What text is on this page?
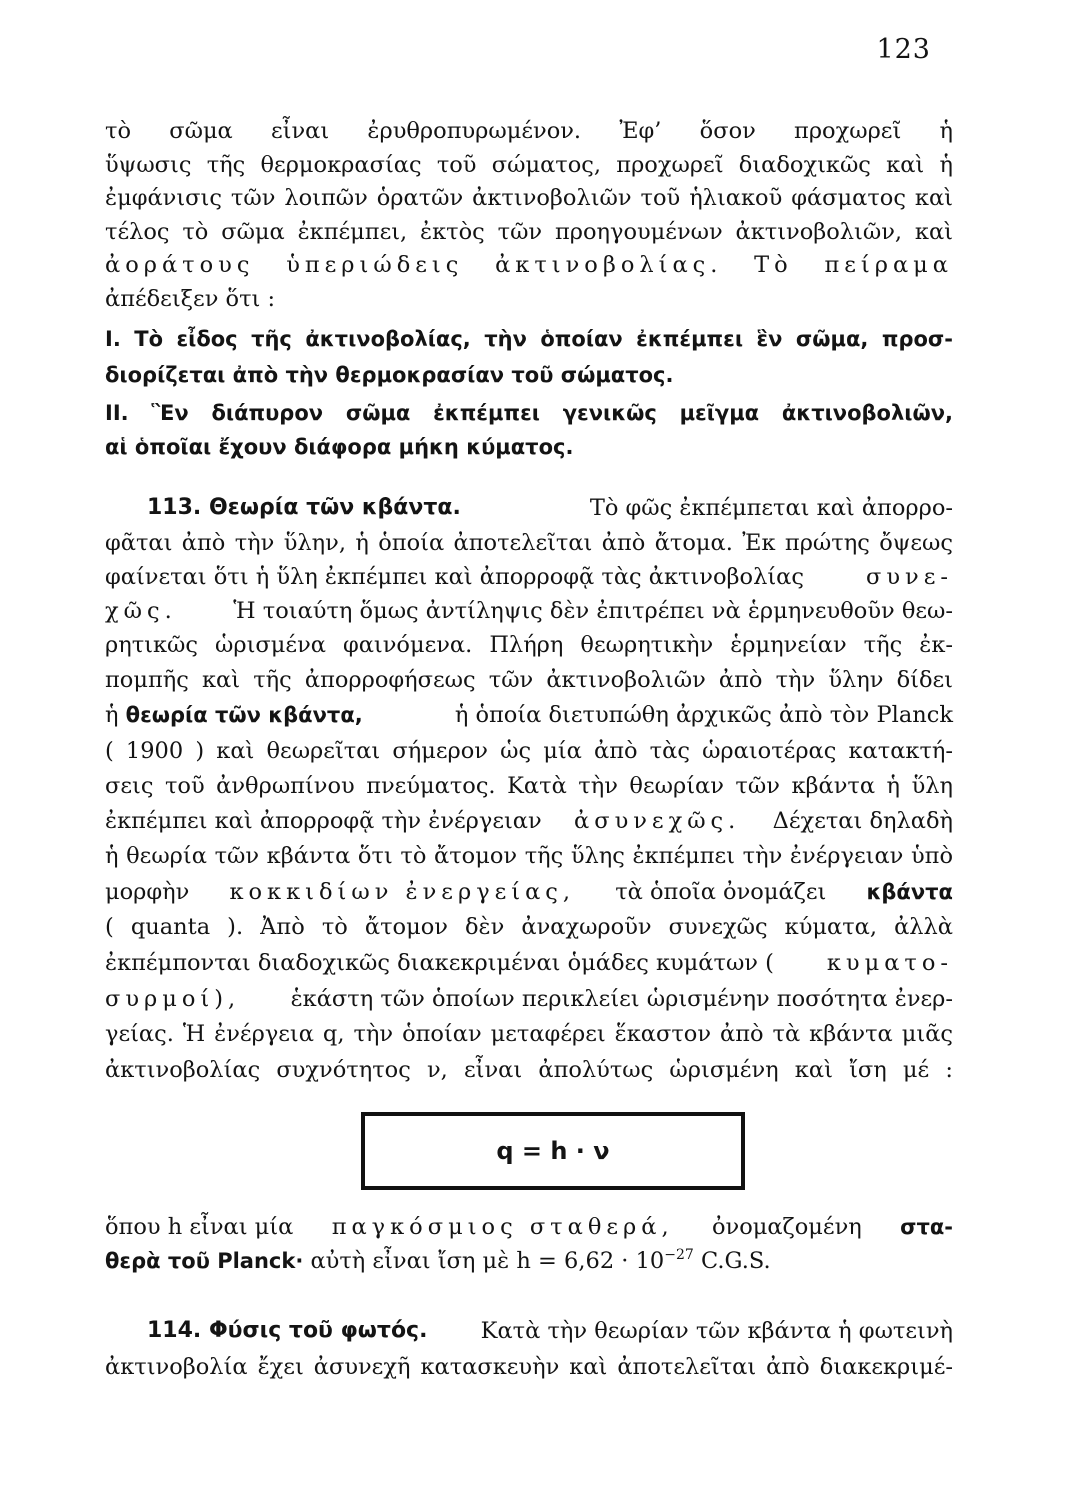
123
τὸ σῶμα εἶναι ἐρυθροπυρωμένον. Ἐφ’ ὅσον προχωρεῖ ἡ
ὕψωσις τῆς θερμοκρασίας τοῦ σώματος, προχωρεῖ διαδοχικῶς καὶ ἡ
ἐμφάνισις τῶν λοιπῶν ὁρατῶν ἀκτινοβολιῶν τοῦ ἡλιακοῦ φάσματος καὶ
τέλος τὸ σῶμα ἐκπέμπει, ἐκτὸς τῶν προηγουμένων ἀκτινοβολιῶν, καὶ
ἀοράτους ὑπεριώδεις ἀκτινοβολίας. Τὸ πείραμα
ἀπέδειξεν ὅτι :
I. Τὸ εἶδος τῆς ἀκτινοβολίας, τὴν ὁποίαν ἐκπέμπει ἓν σῶμα, προσ-
διορίζεται ἀπὸ τὴν θερμοκρασίαν τοῦ σώματος.
II. Ἓν διάπυρον σῶμα ἐκπέμπει γενικῶς μεῖγμα ἀκτινοβολιῶν,
αἱ ὁποῖαι ἔχουν διάφορα μήκη κύματος.
113. Θεωρία τῶν κβάντα.	Τὸ φῶς ἐκπέμπεται καὶ ἀπορρο-
φᾶται ἀπὸ τὴν ὕλην, ἡ ὁποία ἀποτελεῖται ἀπὸ ἄτομα. Ἐκ πρώτης ὄψεως
φαίνεται ὅτι ἡ ὕλη ἐκπέμπει καὶ ἀπορροφᾷ τὰς ἀκτινοβολίας	συνε-
χῶς.	Ἡ τοιαύτη ὅμως ἀντίληψις δὲν ἐπιτρέπει νὰ ἑρμηνευθοῦν θεω-
ρητικῶς ὡρισμένα φαινόμενα. Πλήρη θεωρητικὴν ἑρμηνείαν τῆς ἐκ-
πομπῆς καὶ τῆς ἀπορροφήσεως τῶν ἀκτινοβολιῶν ἀπὸ τὴν ὕλην δίδει
ἡ θεωρία τῶν κβάντα,	ἡ ὁποία διετυπώθη ἀρχικῶς ἀπὸ τὸν Planck
( 1900 ) καὶ θεωρεῖται σήμερον ὡς μία ἀπὸ τὰς ὡραιοτέρας κατακτή-
σεις τοῦ ἀνθρωπίνου πνεύματος. Κατὰ τὴν θεωρίαν τῶν κβάντα ἡ ὕλη
ἐκπέμπει καὶ ἀπορροφᾷ τὴν ἐνέργειαν ἀσυνεχῶς. Δέχεται δηλαδὴ
ἡ θεωρία τῶν κβάντα ὅτι τὸ ἄτομον τῆς ὕλης ἐκπέμπει τὴν ἐνέργειαν ὑπὸ
μορφὴν κοκκιδίων ἐνεργείας, τὰ ὁποῖα ὀνομάζει κβάντα
( quanta ). Ἀπὸ τὸ ἄτομον δὲν ἀναχωροῦν συνεχῶς κύματα, ἀλλὰ
ἐκπέμπονται διαδοχικῶς διακεκριμέναι ὁμάδες κυμάτων ( κυματο-
συρμοί), ἑκάστη τῶν ὁποίων περικλείει ὡρισμένην ποσότητα ἐνερ-
γείας. Ἡ ἐνέργεια q, τὴν ὁποίαν μεταφέρει ἕκαστον ἀπὸ τὰ κβάντα μιᾶς
ἀκτινοβολίας συχνότητος ν, εἶναι ἀπολύτως ὡρισμένη καὶ ἴση μέ :
q = h · ν
ὅπου h εἶναι μία παγκόσμιος σταθερά, ὀνομαζομένη στα-
θερὰ τοῦ Planck· αὐτὴ εἶναι ἴση μὲ $h = 6,62 \cdot 10^{-27}$ C.G.S.
114. Φύσις τοῦ φωτός. Κατὰ τὴν θεωρίαν τῶν κβάντα ἡ φωτεινὴ
ἀκτινοβολία ἔχει ἀσυνεχῆ κατασκευὴν καὶ ἀποτελεῖται ἀπὸ διακεκριμέ-
